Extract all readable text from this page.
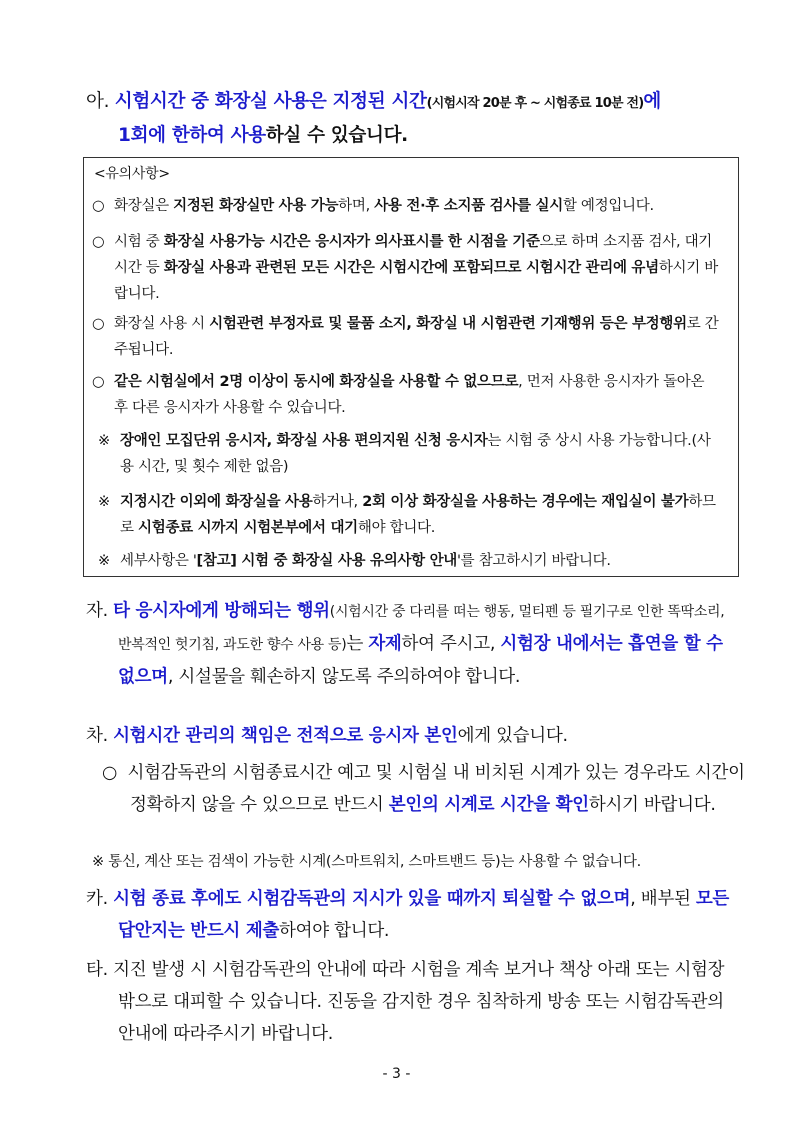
아. 시험시간 중 화장실 사용은 지정된 시간(시험시작 20분 후 ~ 시험종료 10분 전)에
1회에 한하여 사용하실 수 있습니다.
<유의사항>
○ 화장실은 지정된 화장실만 사용 가능하며, 사용 전·후 소지품 검사를 실시할 예정입니다.
○ 시험 중 화장실 사용가능 시간은 응시자가 의사표시를 한 시점을 기준으로 하며 소지품 검사, 대기시간 등 화장실 사용과 관련된 모든 시간은 시험시간에 포함되므로 시험시간 관리에 유념하시기 바랍니다.
○ 화장실 사용 시 시험관련 부정자료 및 물품 소지, 화장실 내 시험관련 기재행위 등은 부정행위로 간주됩니다.
○ 같은 시험실에서 2명 이상이 동시에 화장실을 사용할 수 없으므로, 먼저 사용한 응시자가 돌아온 후 다른 응시자가 사용할 수 있습니다.
※ 장애인 모집단위 응시자, 화장실 사용 편의지원 신청 응시자는 시험 중 상시 사용 가능합니다.(사용 시간, 및 횟수 제한 없음)
※ 지정시간 이외에 화장실을 사용하거나, 2회 이상 화장실을 사용하는 경우에는 재입실이 불가하므로 시험종료 시까지 시험본부에서 대기해야 합니다.
※ 세부사항은 '[참고] 시험 중 화장실 사용 유의사항 안내'를 참고하시기 바랍니다.
자. 타 응시자에게 방해되는 행위(시험시간 중 다리를 떠는 행동, 멀티펜 등 필기구로 인한 똑딱소리, 반복적인 헛기침, 과도한 향수 사용 등)는 자제하여 주시고, 시험장 내에서는 흡연을 할 수 없으며, 시설물을 훼손하지 않도록 주의하여야 합니다.
차. 시험시간 관리의 책임은 전적으로 응시자 본인에게 있습니다.
○ 시험감독관의 시험종료시간 예고 및 시험실 내 비치된 시계가 있는 경우라도 시간이 정확하지 않을 수 있으므로 반드시 본인의 시계로 시간을 확인하시기 바랍니다.
※ 통신, 계산 또는 검색이 가능한 시계(스마트워치, 스마트밴드 등)는 사용할 수 없습니다.
카. 시험 종료 후에도 시험감독관의 지시가 있을 때까지 퇴실할 수 없으며, 배부된 모든 답안지는 반드시 제출하여야 합니다.
타. 지진 발생 시 시험감독관의 안내에 따라 시험을 계속 보거나 책상 아래 또는 시험장 밖으로 대피할 수 있습니다. 진동을 감지한 경우 침착하게 방송 또는 시험감독관의 안내에 따라주시기 바랍니다.
- 3 -
